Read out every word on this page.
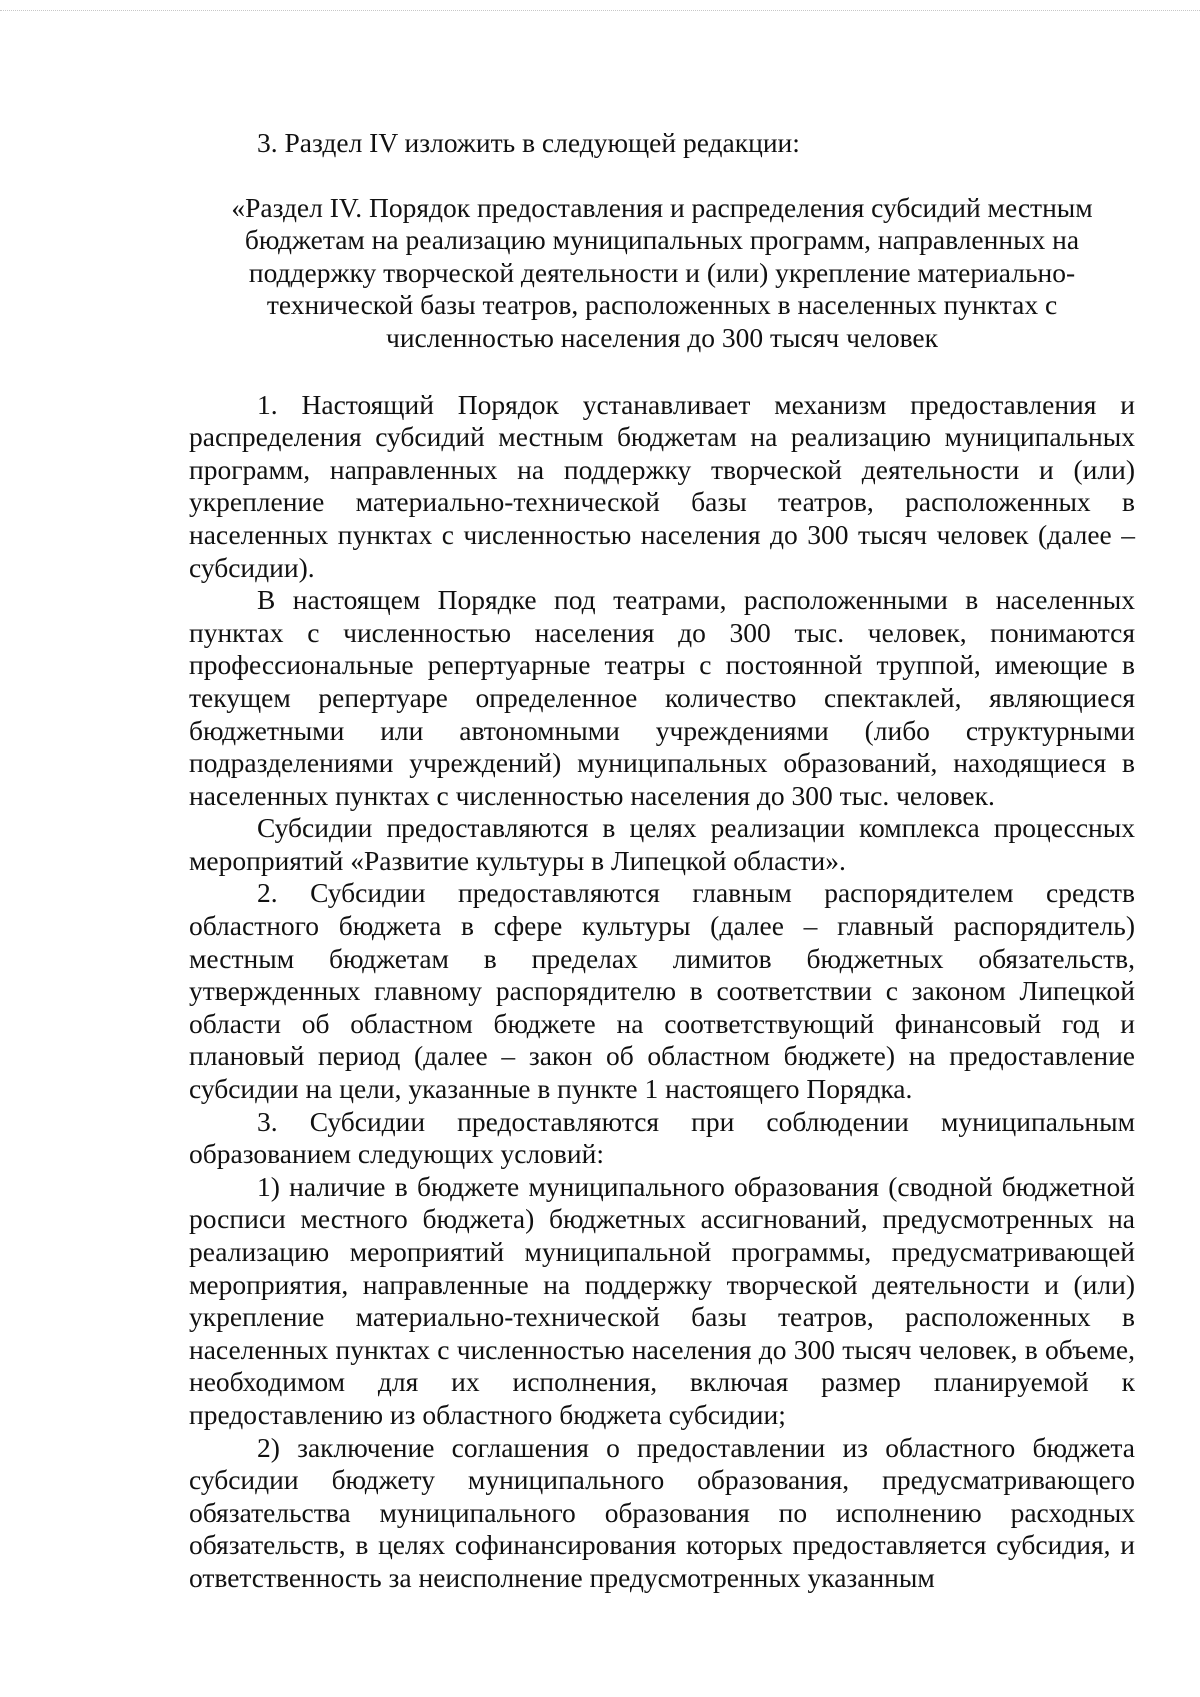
3. Раздел IV изложить в следующей редакции:

«Раздел IV. Порядок предоставления и распределения субсидий местным бюджетам на реализацию муниципальных программ, направленных на поддержку творческой деятельности и (или) укрепление материально-технической базы театров, расположенных в населенных пунктах с численностью населения до 300 тысяч человек

1. Настоящий Порядок устанавливает механизм предоставления и распределения субсидий местным бюджетам на реализацию муниципальных программ, направленных на поддержку творческой деятельности и (или) укрепление материально-технической базы театров, расположенных в населенных пунктах с численностью населения до 300 тысяч человек (далее – субсидии).

В настоящем Порядке под театрами, расположенными в населенных пунктах с численностью населения до 300 тыс. человек, понимаются профессиональные репертуарные театры с постоянной труппой, имеющие в текущем репертуаре определенное количество спектаклей, являющиеся бюджетными или автономными учреждениями (либо структурными подразделениями учреждений) муниципальных образований, находящиеся в населенных пунктах с численностью населения до 300 тыс. человек.

Субсидии предоставляются в целях реализации комплекса процессных мероприятий «Развитие культуры в Липецкой области».

2. Субсидии предоставляются главным распорядителем средств областного бюджета в сфере культуры (далее – главный распорядитель) местным бюджетам в пределах лимитов бюджетных обязательств, утвержденных главному распорядителю в соответствии с законом Липецкой области об областном бюджете на соответствующий финансовый год и плановый период (далее – закон об областном бюджете) на предоставление субсидии на цели, указанные в пункте 1 настоящего Порядка.

3. Субсидии предоставляются при соблюдении муниципальным образованием следующих условий:

1) наличие в бюджете муниципального образования (сводной бюджетной росписи местного бюджета) бюджетных ассигнований, предусмотренных на реализацию мероприятий муниципальной программы, предусматривающей мероприятия, направленные на поддержку творческой деятельности и (или) укрепление материально-технической базы театров, расположенных в населенных пунктах с численностью населения до 300 тысяч человек, в объеме, необходимом для их исполнения, включая размер планируемой к предоставлению из областного бюджета субсидии;

2) заключение соглашения о предоставлении из областного бюджета субсидии бюджету муниципального образования, предусматривающего обязательства муниципального образования по исполнению расходных обязательств, в целях софинансирования которых предоставляется субсидия, и ответственность за неисполнение предусмотренных указанным
